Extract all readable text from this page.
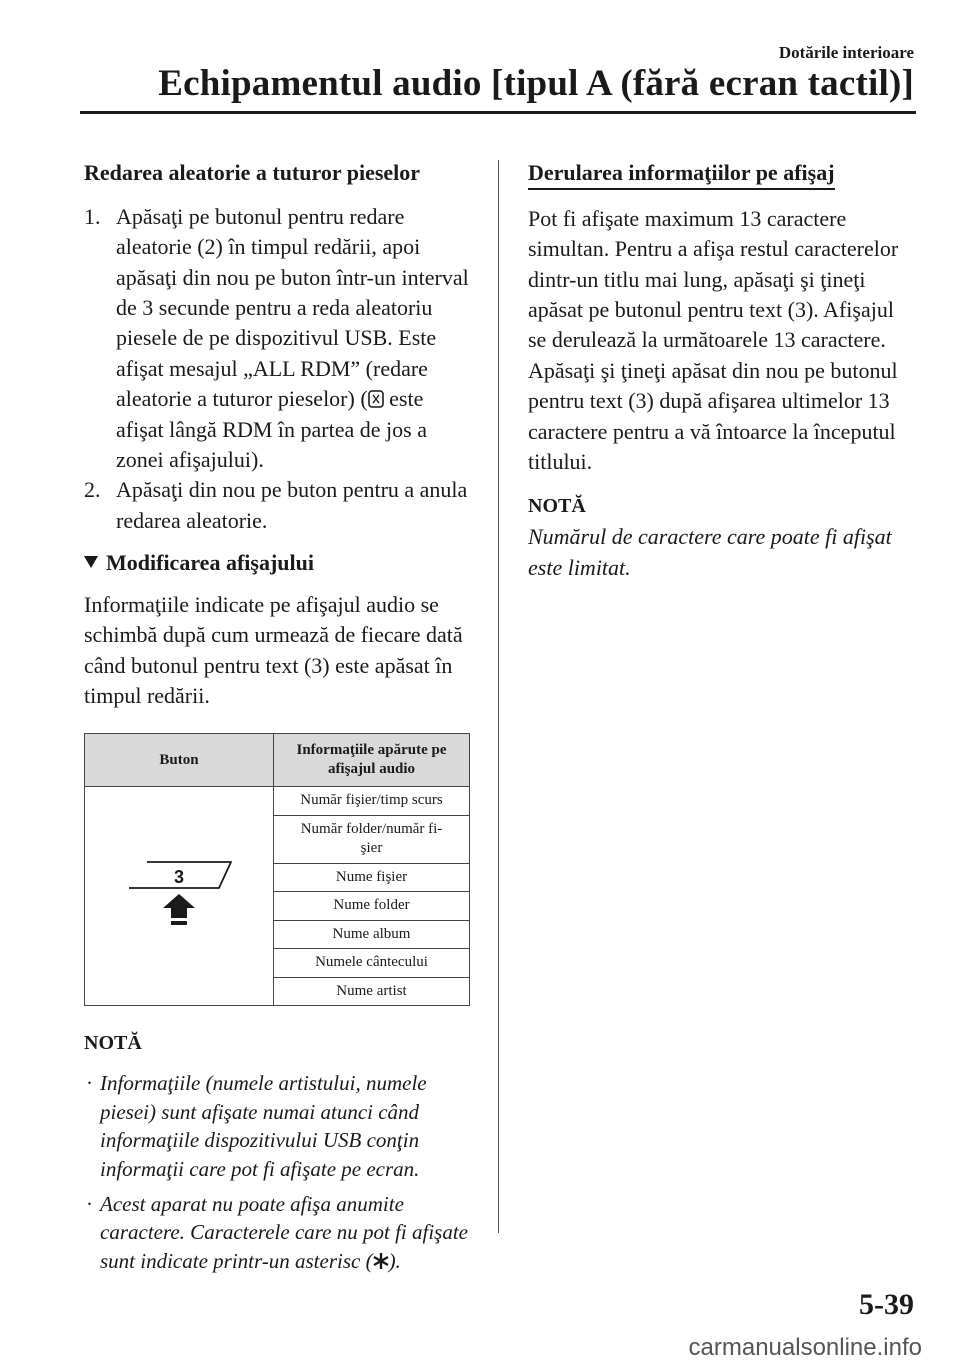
Dotările interioare
Echipamentul audio [tipul A (fără ecran tactil)]
Redarea aleatorie a tuturor pieselor
1. Apăsaţi pe butonul pentru redare aleatorie (2) în timpul redării, apoi apăsaţi din nou pe buton într-un interval de 3 secunde pentru a reda aleatoriu piesele de pe dispozitivul USB. Este afişat mesajul „ALL RDM” (redare aleatorie a tuturor pieselor) ( este afişat lângă RDM în partea de jos a zonei afişajului).
2. Apăsaţi din nou pe buton pentru a anula redarea aleatorie.
Modificarea afişajului
Informaţiile indicate pe afişajul audio se schimbă după cum urmează de fiecare dată când butonul pentru text (3) este apăsat în timpul redării.
Buton	Informaţiile apărute pe afişajul audio

3	Număr fişier/timp scurs
	Număr folder/număr fi-
şier
	Nume fişier
	Nume folder
	Nume album
	Numele cântecului
	Nume artist
NOTĂ
· Informaţiile (numele artistului, numele piesei) sunt afişate numai atunci când informaţiile dispozitivului USB conţin informaţii care pot fi afişate pe ecran.
· Acest aparat nu poate afişa anumite caractere. Caracterele care nu pot fi afişate sunt indicate printr-un asterisc ( ).
Derularea informaţiilor pe afişaj
Pot fi afişate maximum 13 caractere simultan. Pentru a afişa restul caracterelor dintr-un titlu mai lung, apăsaţi şi ţineţi apăsat pe butonul pentru text (3). Afişajul se derulează la următoarele 13 caractere. Apăsaţi şi ţineţi apăsat din nou pe butonul pentru text (3) după afişarea ultimelor 13 caractere pentru a vă întoarce la începutul titlului.
NOTĂ
Numărul de caractere care poate fi afişat este limitat.
5-39
carmanualsonline.info
